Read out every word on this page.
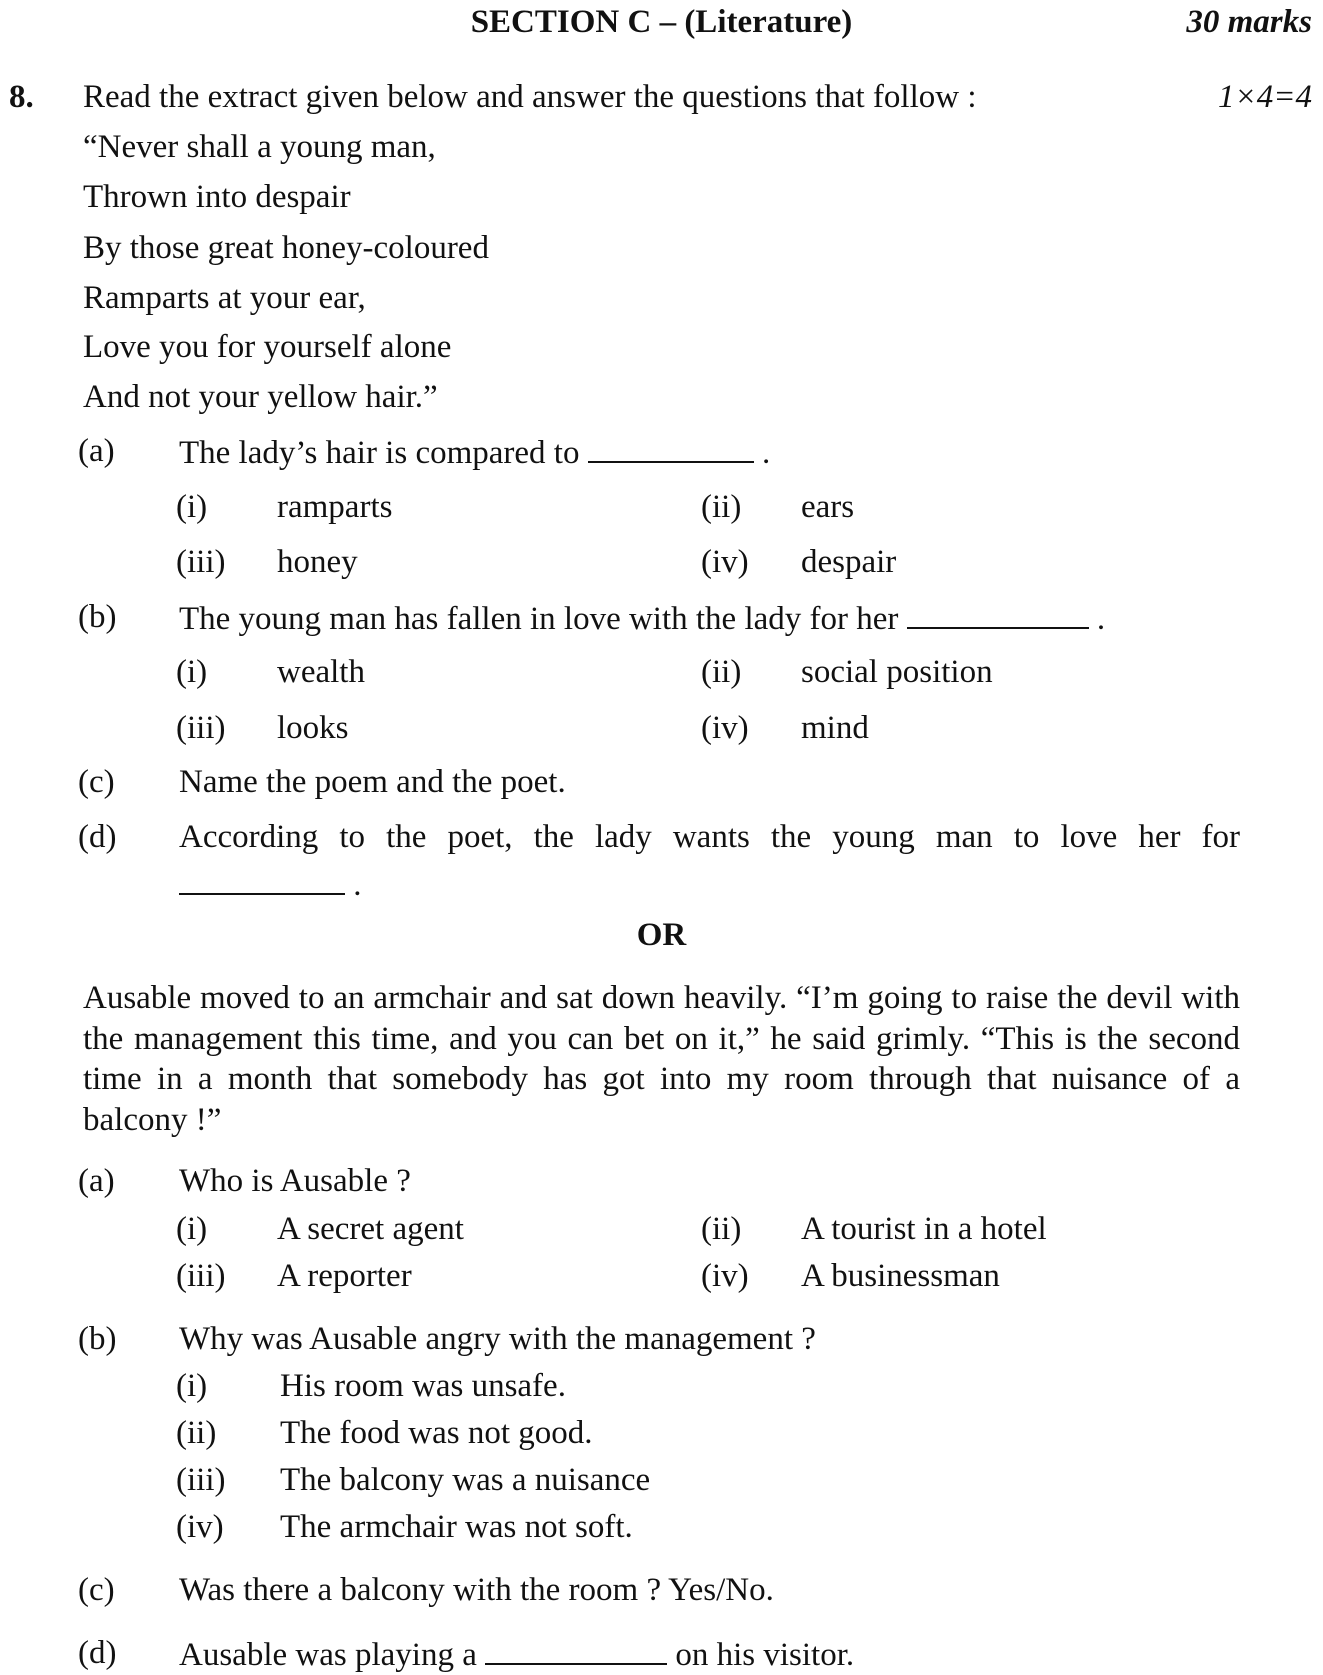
SECTION C – (Literature)	30 marks
8. Read the extract given below and answer the questions that follow :	1×4=4
“Never shall a young man,
Thrown into despair
By those great honey-coloured
Ramparts at your ear,
Love you for yourself alone
And not your yellow hair.”
(a) The lady’s hair is compared to	.
(i) ramparts	(ii) ears
(iii) honey	(iv) despair
(b) The young man has fallen in love with the lady for her	.
(i) wealth	(ii) social position
(iii) looks	(iv) mind
(c) Name the poem and the poet.
(d) According to the poet, the lady wants the young man to love her for
.
OR
Ausable moved to an armchair and sat down heavily. “I’m going to raise the devil with the management this time, and you can bet on it,” he said grimly. “This is the second time in a month that somebody has got into my room through that nuisance of a balcony !”
(a) Who is Ausable ?
(i) A secret agent	(ii) A tourist in a hotel
(iii) A reporter	(iv) A businessman
(b) Why was Ausable angry with the management ?
(i) His room was unsafe.
(ii) The food was not good.
(iii) The balcony was a nuisance
(iv) The armchair was not soft.
(c) Was there a balcony with the room ? Yes/No.
(d) Ausable was playing a	on his visitor.
